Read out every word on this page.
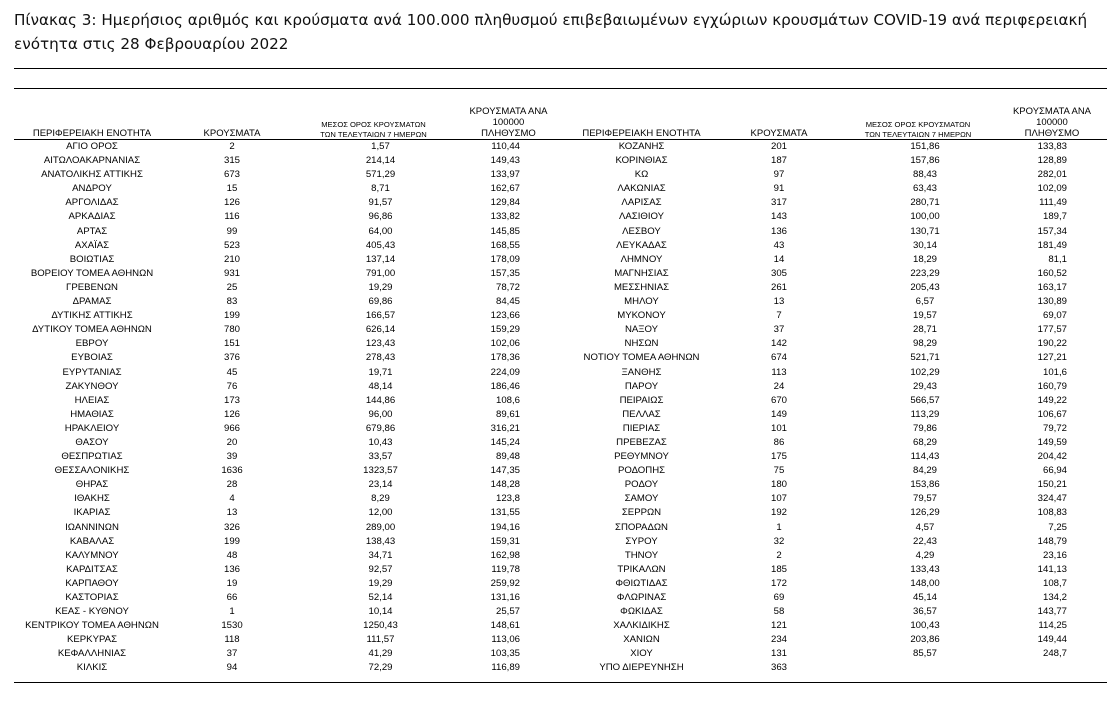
Πίνακας 3: Ημερήσιος αριθμός και κρούσματα ανά 100.000 πληθυσμού επιβεβαιωμένων εγχώριων κρουσμάτων COVID-19 ανά περιφερειακή ενότητα στις 28 Φεβρουαρίου 2022
ΠΕΡΙΦΕΡΕΙΑΚΗ ΕΝΟΤΗΤΑ	ΚΡΟΥΣΜΑΤΑ	ΜΕΣΟΣ ΟΡΟΣ ΚΡΟΥΣΜΑΤΩΝ
ΤΩΝ ΤΕΛΕΥΤΑΙΩΝ 7 ΗΜΕΡΩΝ	ΚΡΟΥΣΜΑΤΑ ΑΝΑ 100000
ΠΛΗΘΥΣΜΟ	ΠΕΡΙΦΕΡΕΙΑΚΗ ΕΝΟΤΗΤΑ	ΚΡΟΥΣΜΑΤΑ	ΜΕΣΟΣ ΟΡΟΣ ΚΡΟΥΣΜΑΤΩΝ
ΤΩΝ ΤΕΛΕΥΤΑΙΩΝ 7 ΗΜΕΡΩΝ	ΚΡΟΥΣΜΑΤΑ ΑΝΑ 100000
ΠΛΗΘΥΣΜΟ
ΑΓΙΟ ΟΡΟΣ	2	1,57	110,44	ΚΟΖΑΝΗΣ	201	151,86	133,83
ΑΙΤΩΛΟΑΚΑΡΝΑΝΙΑΣ	315	214,14	149,43	ΚΟΡΙΝΘΙΑΣ	187	157,86	128,89
ΑΝΑΤΟΛΙΚΗΣ ΑΤΤΙΚΗΣ	673	571,29	133,97	ΚΩ	97	88,43	282,01
ΑΝΔΡΟΥ	15	8,71	162,67	ΛΑΚΩΝΙΑΣ	91	63,43	102,09
ΑΡΓΟΛΙΔΑΣ	126	91,57	129,84	ΛΑΡΙΣΑΣ	317	280,71	111,49
ΑΡΚΑΔΙΑΣ	116	96,86	133,82	ΛΑΣΙΘΙΟΥ	143	100,00	189,7
ΑΡΤΑΣ	99	64,00	145,85	ΛΕΣΒΟΥ	136	130,71	157,34
ΑΧΑΪΑΣ	523	405,43	168,55	ΛΕΥΚΑΔΑΣ	43	30,14	181,49
ΒΟΙΩΤΙΑΣ	210	137,14	178,09	ΛΗΜΝΟΥ	14	18,29	81,1
ΒΟΡΕΙΟΥ ΤΟΜΕΑ ΑΘΗΝΩΝ	931	791,00	157,35	ΜΑΓΝΗΣΙΑΣ	305	223,29	160,52
ΓΡΕΒΕΝΩΝ	25	19,29	78,72	ΜΕΣΣΗΝΙΑΣ	261	205,43	163,17
ΔΡΑΜΑΣ	83	69,86	84,45	ΜΗΛΟΥ	13	6,57	130,89
ΔΥΤΙΚΗΣ ΑΤΤΙΚΗΣ	199	166,57	123,66	ΜΥΚΟΝΟΥ	7	19,57	69,07
ΔΥΤΙΚΟΥ ΤΟΜΕΑ ΑΘΗΝΩΝ	780	626,14	159,29	ΝΑΞΟΥ	37	28,71	177,57
ΕΒΡΟΥ	151	123,43	102,06	ΝΗΣΩΝ	142	98,29	190,22
ΕΥΒΟΙΑΣ	376	278,43	178,36	ΝΟΤΙΟΥ ΤΟΜΕΑ ΑΘΗΝΩΝ	674	521,71	127,21
ΕΥΡΥΤΑΝΙΑΣ	45	19,71	224,09	ΞΑΝΘΗΣ	113	102,29	101,6
ΖΑΚΥΝΘΟΥ	76	48,14	186,46	ΠΑΡΟΥ	24	29,43	160,79
ΗΛΕΙΑΣ	173	144,86	108,6	ΠΕΙΡΑΙΩΣ	670	566,57	149,22
ΗΜΑΘΙΑΣ	126	96,00	89,61	ΠΕΛΛΑΣ	149	113,29	106,67
ΗΡΑΚΛΕΙΟΥ	966	679,86	316,21	ΠΙΕΡΙΑΣ	101	79,86	79,72
ΘΑΣΟΥ	20	10,43	145,24	ΠΡΕΒΕΖΑΣ	86	68,29	149,59
ΘΕΣΠΡΩΤΙΑΣ	39	33,57	89,48	ΡΕΘΥΜΝΟΥ	175	114,43	204,42
ΘΕΣΣΑΛΟΝΙΚΗΣ	1636	1323,57	147,35	ΡΟΔΟΠΗΣ	75	84,29	66,94
ΘΗΡΑΣ	28	23,14	148,28	ΡΟΔΟΥ	180	153,86	150,21
ΙΘΑΚΗΣ	4	8,29	123,8	ΣΑΜΟΥ	107	79,57	324,47
ΙΚΑΡΙΑΣ	13	12,00	131,55	ΣΕΡΡΩΝ	192	126,29	108,83
ΙΩΑΝΝΙΝΩΝ	326	289,00	194,16	ΣΠΟΡΑΔΩΝ	1	4,57	7,25
ΚΑΒΑΛΑΣ	199	138,43	159,31	ΣΥΡΟΥ	32	22,43	148,79
ΚΑΛΥΜΝΟΥ	48	34,71	162,98	ΤΗΝΟΥ	2	4,29	23,16
ΚΑΡΔΙΤΣΑΣ	136	92,57	119,78	ΤΡΙΚΑΛΩΝ	185	133,43	141,13
ΚΑΡΠΑΘΟΥ	19	19,29	259,92	ΦΘΙΩΤΙΔΑΣ	172	148,00	108,7
ΚΑΣΤΟΡΙΑΣ	66	52,14	131,16	ΦΛΩΡΙΝΑΣ	69	45,14	134,2
ΚΕΑΣ - ΚΥΘΝΟΥ	1	10,14	25,57	ΦΩΚΙΔΑΣ	58	36,57	143,77
ΚΕΝΤΡΙΚΟΥ ΤΟΜΕΑ ΑΘΗΝΩΝ	1530	1250,43	148,61	ΧΑΛΚΙΔΙΚΗΣ	121	100,43	114,25
ΚΕΡΚΥΡΑΣ	118	111,57	113,06	ΧΑΝΙΩΝ	234	203,86	149,44
ΚΕΦΑΛΛΗΝΙΑΣ	37	41,29	103,35	ΧΙΟΥ	131	85,57	248,7
ΚΙΛΚΙΣ	94	72,29	116,89	ΥΠΟ ΔΙΕΡΕΥΝΗΣΗ	363		
